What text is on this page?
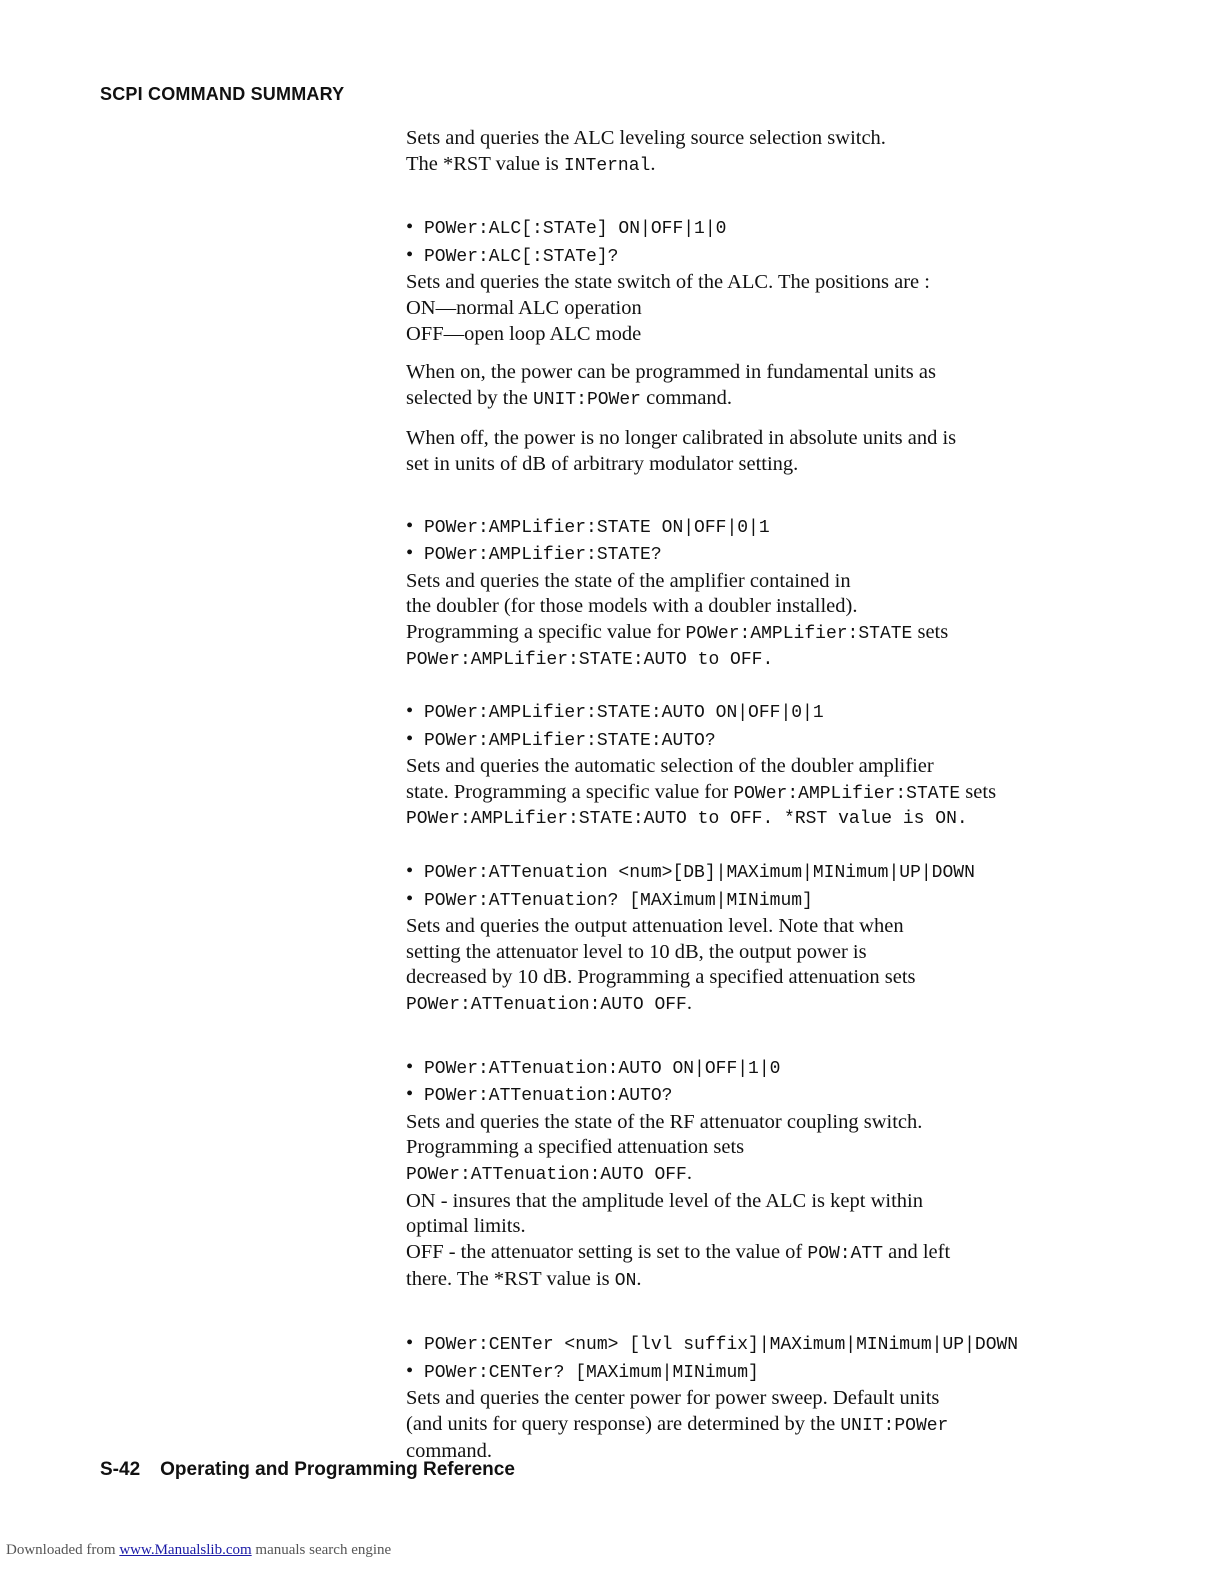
SCPI COMMAND SUMMARY
Sets and queries the ALC leveling source selection switch.
The *RST value is INTernal.
• POWer:ALC[:STATe] ON|OFF|1|0
• POWer:ALC[:STATe]?
Sets and queries the state switch of the ALC. The positions are :
ON—normal ALC operation
OFF—open loop ALC mode
When on, the power can be programmed in fundamental units as
selected by the UNIT:POWer command.
When off, the power is no longer calibrated in absolute units and is
set in units of dB of arbitrary modulator setting.
• POWer:AMPLifier:STATE ON|OFF|0|1
• POWer:AMPLifier:STATE?
Sets and queries the state of the amplifier contained in
the doubler (for those models with a doubler installed).
Programming a specific value for POWer:AMPLifier:STATE sets
POWer:AMPLifier:STATE:AUTO to OFF.
• POWer:AMPLifier:STATE:AUTO ON|OFF|0|1
• POWer:AMPLifier:STATE:AUTO?
Sets and queries the automatic selection of the doubler amplifier
state. Programming a specific value for POWer:AMPLifier:STATE sets
POWer:AMPLifier:STATE:AUTO to OFF. *RST value is ON.
• POWer:ATTenuation <num>[DB]|MAXimum|MINimum|UP|DOWN
• POWer:ATTenuation? [MAXimum|MINimum]
Sets and queries the output attenuation level. Note that when
setting the attenuator level to 10 dB, the output power is
decreased by 10 dB. Programming a specified attenuation sets
POWer:ATTenuation:AUTO OFF.
• POWer:ATTenuation:AUTO ON|OFF|1|0
• POWer:ATTenuation:AUTO?
Sets and queries the state of the RF attenuator coupling switch.
Programming a specified attenuation sets
POWer:ATTenuation:AUTO OFF.
ON - insures that the amplitude level of the ALC is kept within
optimal limits.
OFF - the attenuator setting is set to the value of POW:ATT and left
there. The *RST value is ON.
• POWer:CENTer <num> [lvl suffix]|MAXimum|MINimum|UP|DOWN
• POWer:CENTer? [MAXimum|MINimum]
Sets and queries the center power for power sweep. Default units
(and units for query response) are determined by the UNIT:POWer
command.
S-42 Operating and Programming Reference
Downloaded from www.Manualslib.com manuals search engine
